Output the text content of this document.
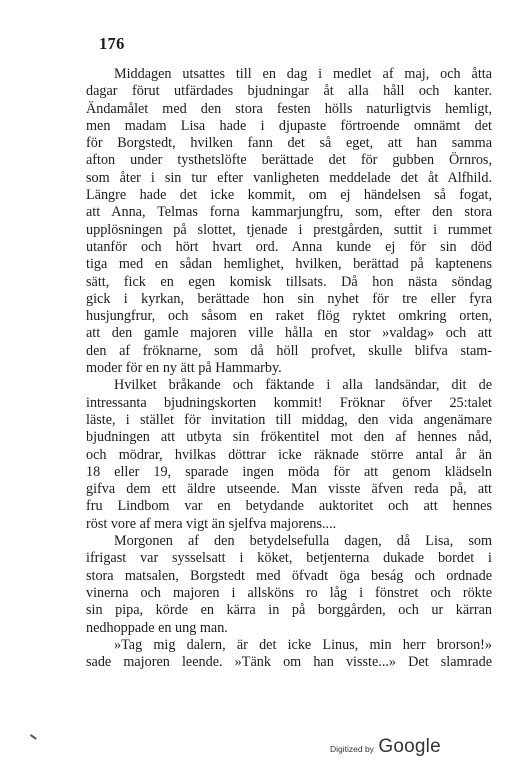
176
Middagen utsattes till en dag i medlet af maj, och åtta
dagar förut utfärdades bjudningar åt alla håll och kanter.
Ändamålet med den stora festen hölls naturligtvis hemligt,
men madam Lisa hade i djupaste förtroende omnämt det
för Borgstedt, hvilken fann det så eget, att han samma
afton under tysthetslöfte berättade det för gubben Örnros,
som åter i sin tur efter vanligheten meddelade det åt Alfhild.
Längre hade det icke kommit, om ej händelsen så fogat,
att Anna, Telmas forna kammarjungfru, som, efter den stora
upplösningen på slottet, tjenade i prestgården, suttit i rummet
utanför och hört hvart ord. Anna kunde ej för sin död
tiga med en sådan hemlighet, hvilken, berättad på kaptenens
sätt, fick en egen komisk tillsats. Då hon nästa söndag
gick i kyrkan, berättade hon sin nyhet för tre eller fyra
husjungfrur, och såsom en raket flög ryktet omkring orten,
att den gamle majoren ville hålla en stor »valdag» och att
den af fröknarne, som då höll profvet, skulle blifva stam-
moder för en ny ätt på Hammarby.
Hvilket bråkande och fäktande i alla landsändar, dit de
intressanta bjudningskorten kommit! Fröknar öfver 25:talet
läste, i stället för invitation till middag, den vida angenämare
bjudningen att utbyta sin frökentitel mot den af hennes nåd,
och mödrar, hvilkas döttrar icke räknade större antal år än
18 eller 19, sparade ingen möda för att genom klädseln
gifva dem ett äldre utseende. Man visste äfven reda på, att
fru Lindbom var en betydande auktoritet och att hennes
röst vore af mera vigt än sjelfva majorens....
Morgonen af den betydelsefulla dagen, då Lisa, som
ifrigast var sysselsatt i köket, betjenterna dukade bordet i
stora matsalen, Borgstedt med öfvadt öga beság och ordnade
vinerna och majoren i allsköns ro låg i fönstret och rökte
sin pipa, körde en kärra in på borggården, och ur kärran
nedhoppade en ung man.
»Tag mig dalern, är det icke Linus, min herr brorson!»
sade majoren leende. »Tänk om han visste...» Det slamrade
Digitized by Google
